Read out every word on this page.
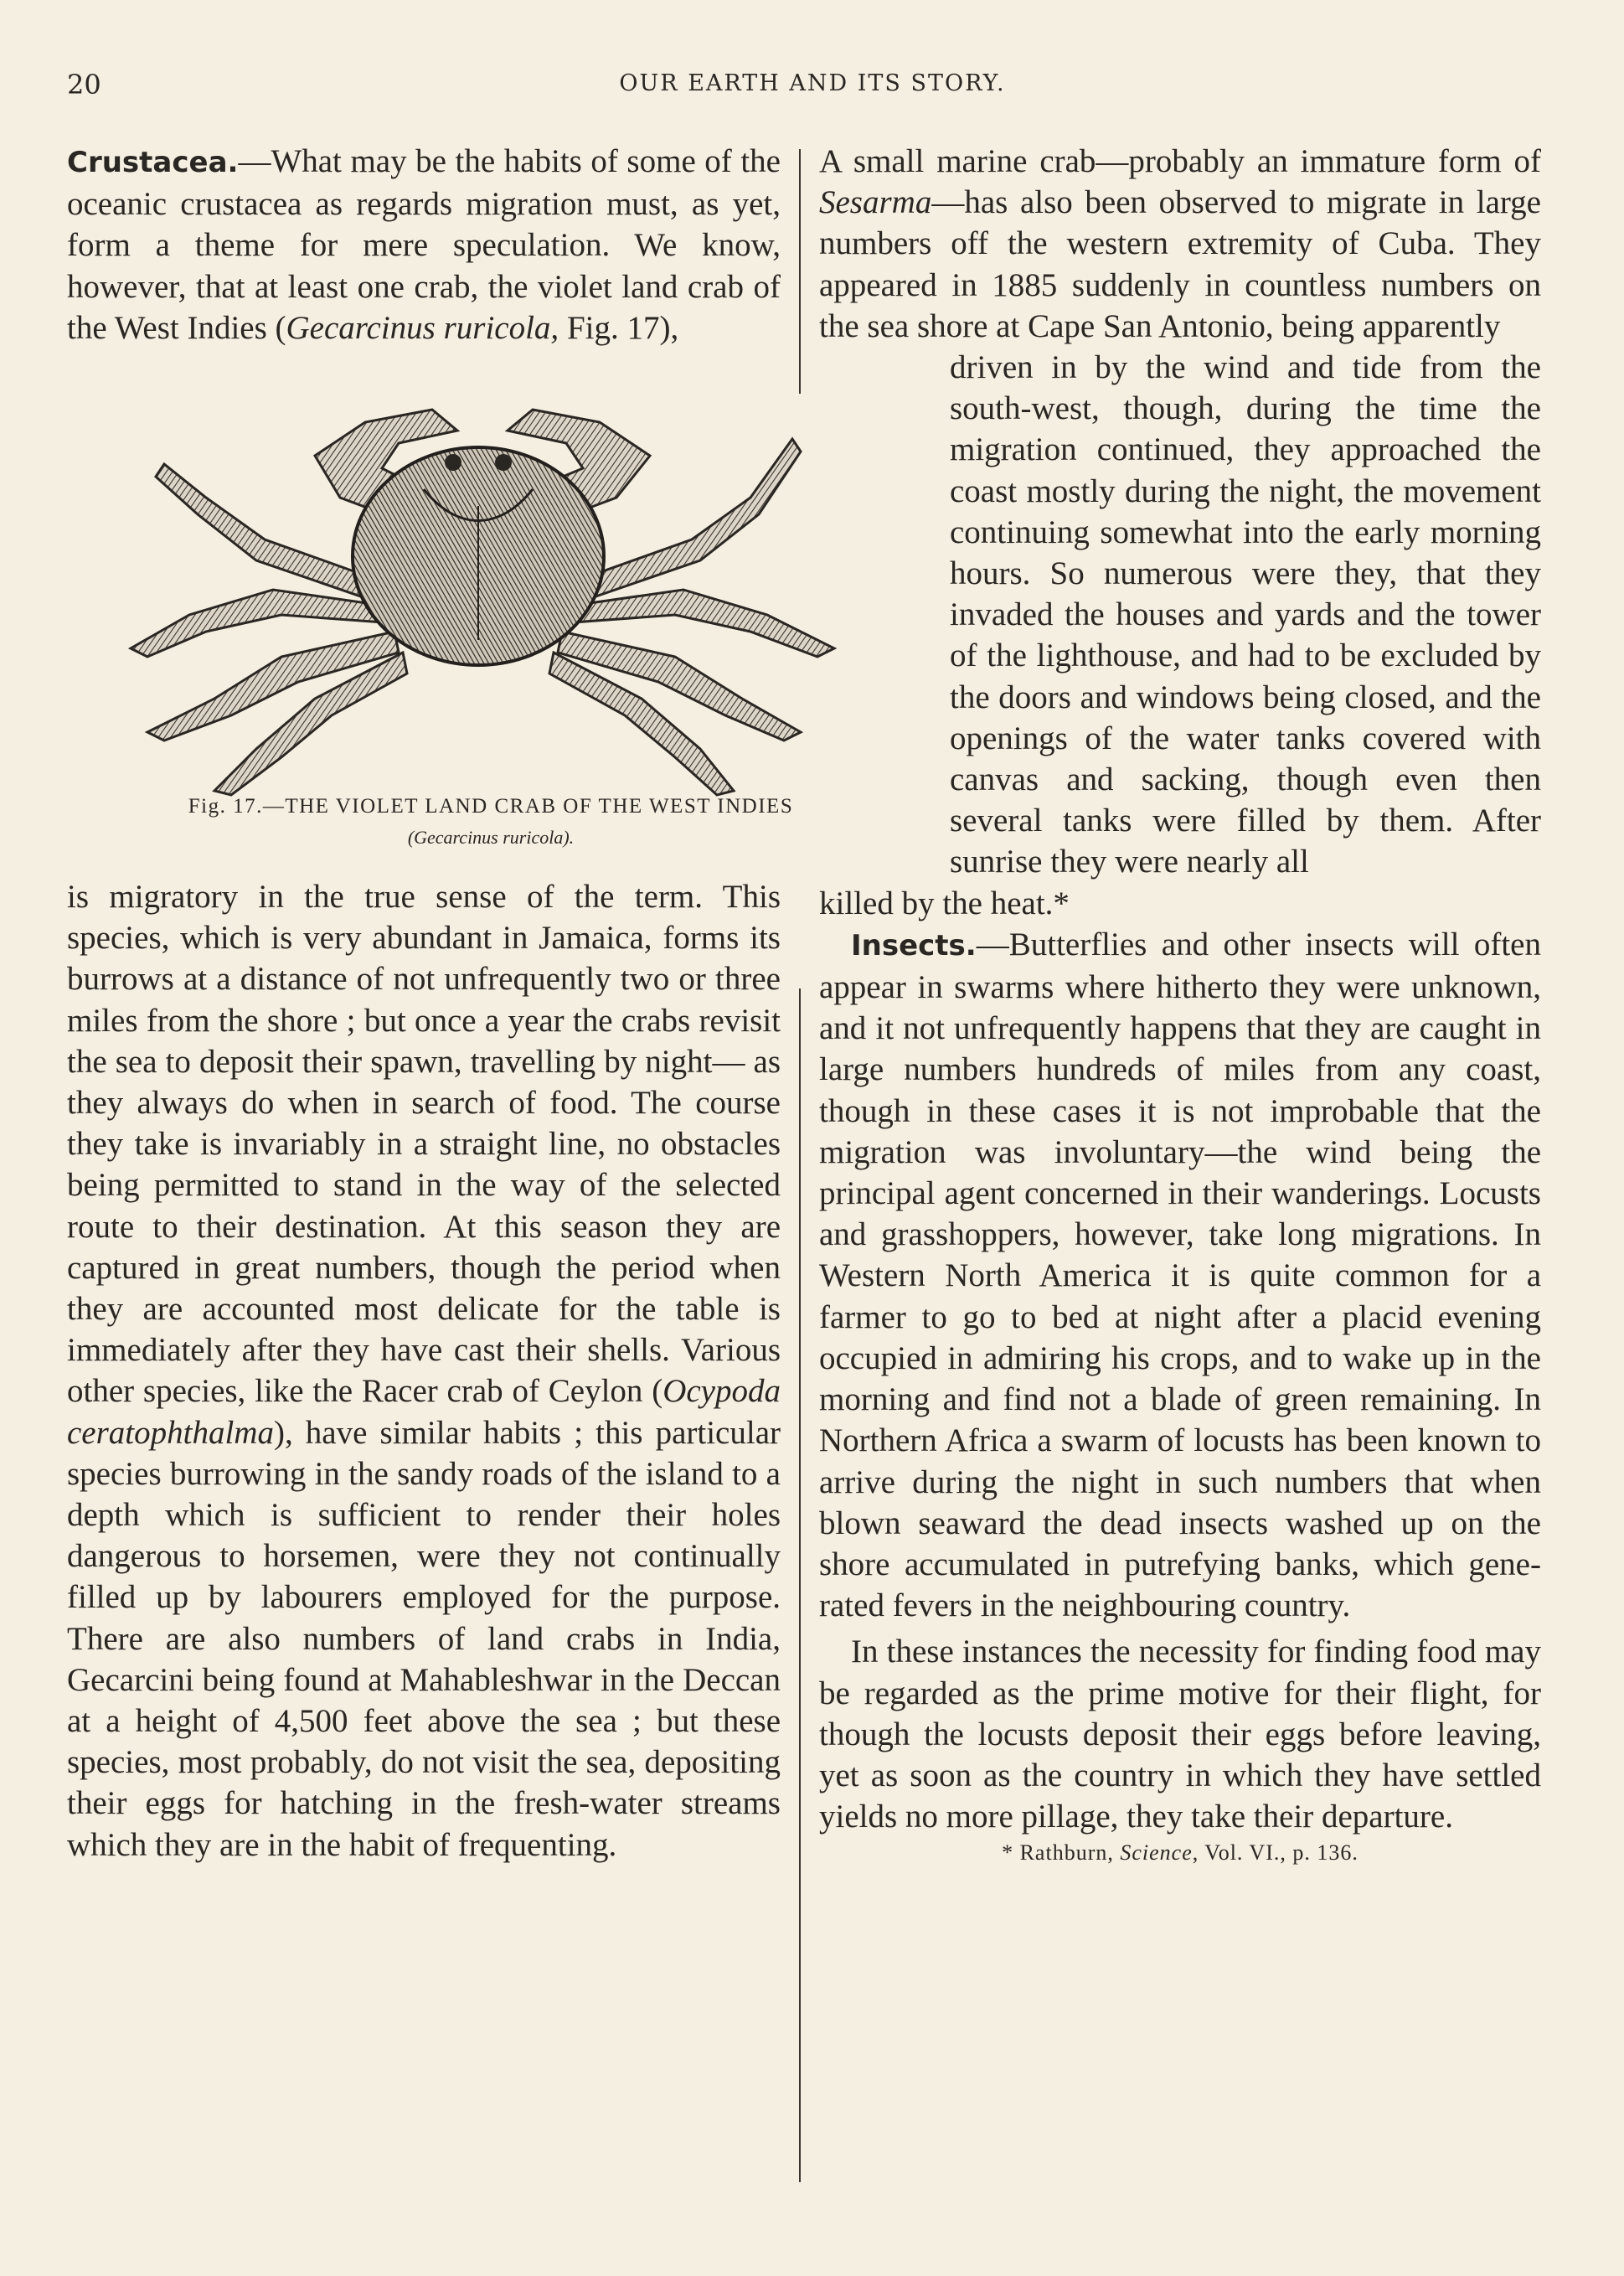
20	OUR EARTH AND ITS STORY.

Crustacea.—What may be the habits of some of the oceanic crustacea as regards migration must, as yet, form a theme for mere speculation. We know, however, that at least one crab, the violet land crab of the West Indies (Gecarcinus ruricola, Fig. 17),

Fig. 17.—THE VIOLET LAND CRAB OF THE WEST INDIES
(Gecarcinus ruricola).

is migratory in the true sense of the term. This species, which is very abundant in Jamaica, forms its burrows at a distance of not unfrequently two or three miles from the shore ; but once a year the crabs revisit the sea to deposit their spawn, travelling by night— as they always do when in search of food. The course they take is invariably in a straight line, no obstacles being permitted to stand in the way of the selected route to their destination. At this season they are captured in great numbers, though the period when they are accounted most delicate for the table is immediately after they have cast their shells. Various other species, like the Racer crab of Ceylon (Ocypoda ceratophthalma), have similar habits ; this particular species burrowing in the sandy roads of the island to a depth which is sufficient to render their holes dangerous to horsemen, were they not continually filled up by labourers employed for the purpose. There are also numbers of land crabs in India, Gecarcini being found at Mahableshwar in the Deccan at a height of 4,500 feet above the sea ; but these species, most probably, do not visit the sea, depositing their eggs for hatching in the fresh-water streams which they are in the habit of frequenting.

A small marine crab—probably an immature form of Sesarma—has also been observed to migrate in large numbers off the western extremity of Cuba. They appeared in 1885 suddenly in countless numbers on the sea shore at Cape San Antonio, being apparently

driven in by the wind and tide from the south-west, though, during the time the migration continued, they approached the coast mostly during the night, the movement continuing somewhat into the early morning hours. So numerous were they, that they invaded the houses and yards and the tower of the lighthouse, and had to be excluded by the doors and windows being closed, and the openings of the water tanks covered with canvas and sacking, though even then several tanks were filled by them. After sunrise they were nearly all

killed by the heat.*

Insects.—Butterflies and other insects will often appear in swarms where hitherto they were unknown, and it not unfrequently happens that they are caught in large numbers hundreds of miles from any coast, though in these cases it is not improbable that the migration was involuntary—the wind being the principal agent concerned in their wanderings. Locusts and grasshoppers, however, take long migrations. In Western North America it is quite common for a farmer to go to bed at night after a placid evening occupied in admiring his crops, and to wake up in the morning and find not a blade of green remaining. In Northern Africa a swarm of locusts has been known to arrive during the night in such numbers that when blown seaward the dead insects washed up on the shore accumulated in putrefying banks, which generated fevers in the neighbouring country.

In these instances the necessity for finding food may be regarded as the prime motive for their flight, for though the locusts deposit their eggs before leaving, yet as soon as the country in which they have settled yields no more pillage, they take their departure.

* Rathburn, Science, Vol. VI., p. 136.
